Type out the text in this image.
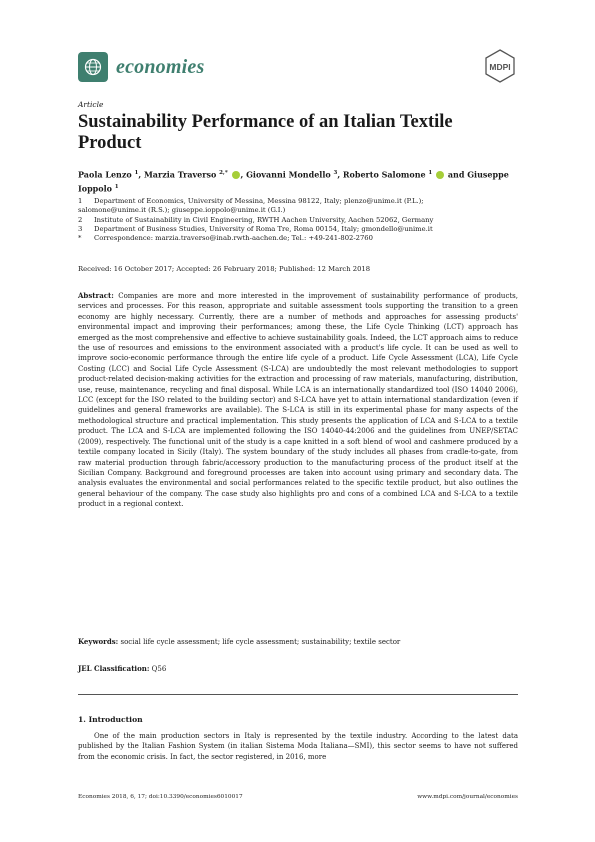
economies	MDPI
Article
Sustainability Performance of an Italian Textile Product
Paola Lenzo $^1$, Marzia Traverso $^{2,*}$ , Giovanni Mondello $^3$, Roberto Salomone $^1$  and Giuseppe Ioppolo $^1$
1	Department of Economics, University of Messina, Messina 98122, Italy; plenzo@unime.it (P.L.);
salomone@unime.it (R.S.); giuseppe.ioppolo@unime.it (G.I.)
2	Institute of Sustainability in Civil Engineering, RWTH Aachen University, Aachen 52062, Germany
3	Department of Business Studies, University of Roma Tre, Roma 00154, Italy; gmondello@unime.it
*	Correspondence: marzia.traverso@inab.rwth-aachen.de; Tel.: +49-241-802-2760
Received: 16 October 2017; Accepted: 26 February 2018; Published: 12 March 2018
Abstract: Companies are more and more interested in the improvement of sustainability performance of products, services and processes. For this reason, appropriate and suitable assessment tools supporting the transition to a green economy are highly necessary. Currently, there are a number of methods and approaches for assessing products' environmental impact and improving their performances; among these, the Life Cycle Thinking (LCT) approach has emerged as the most comprehensive and effective to achieve sustainability goals. Indeed, the LCT approach aims to reduce the use of resources and emissions to the environment associated with a product's life cycle. It can be used as well to improve socio-economic performance through the entire life cycle of a product. Life Cycle Assessment (LCA), Life Cycle Costing (LCC) and Social Life Cycle Assessment (S-LCA) are undoubtedly the most relevant methodologies to support product-related decision-making activities for the extraction and processing of raw materials, manufacturing, distribution, use, reuse, maintenance, recycling and final disposal. While LCA is an internationally standardized tool (ISO 14040 2006), LCC (except for the ISO related to the building sector) and S-LCA have yet to attain international standardization (even if guidelines and general frameworks are available). The S-LCA is still in its experimental phase for many aspects of the methodological structure and practical implementation. This study presents the application of LCA and S-LCA to a textile product. The LCA and S-LCA are implemented following the ISO 14040-44:2006 and the guidelines from UNEP/SETAC (2009), respectively. The functional unit of the study is a cape knitted in a soft blend of wool and cashmere produced by a textile company located in Sicily (Italy). The system boundary of the study includes all phases from cradle-to-gate, from raw material production through fabric/accessory production to the manufacturing process of the product itself at the Sicilian Company. Background and foreground processes are taken into account using primary and secondary data. The analysis evaluates the environmental and social performances related to the specific textile product, but also outlines the general behaviour of the company. The case study also highlights pro and cons of a combined LCA and S-LCA to a textile product in a regional context.
Keywords: social life cycle assessment; life cycle assessment; sustainability; textile sector
JEL Classification: Q56
1. Introduction
One of the main production sectors in Italy is represented by the textile industry. According to the latest data published by the Italian Fashion System (in italian Sistema Moda Italiana—SMI), this sector seems to have not suffered from the economic crisis. In fact, the sector registered, in 2016, more
Economies 2018, 6, 17; doi:10.3390/economies6010017	www.mdpi.com/journal/economies
